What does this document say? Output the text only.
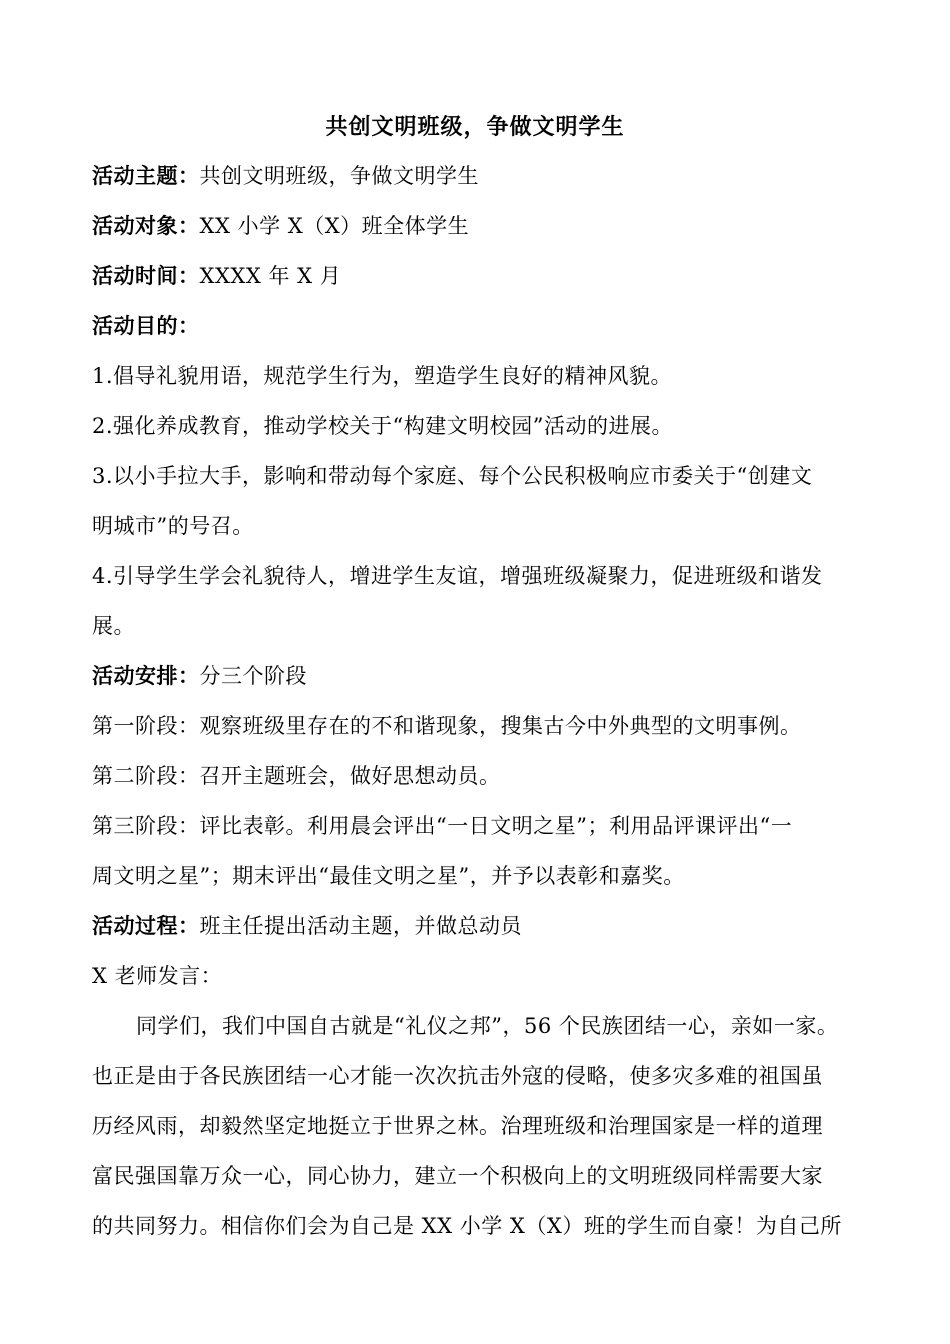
共创文明班级，争做文明学生
活动主题：共创文明班级，争做文明学生
活动对象：XX 小学 X（X）班全体学生
活动时间：XXXX 年 X 月
活动目的：
1.倡导礼貌用语，规范学生行为，塑造学生良好的精神风貌。
2.强化养成教育，推动学校关于“构建文明校园”活动的进展。
3.以小手拉大手，影响和带动每个家庭、每个公民积极响应市委关于“创建文
明城市”的号召。
4.引导学生学会礼貌待人，增进学生友谊，增强班级凝聚力，促进班级和谐发
展。
活动安排：分三个阶段
第一阶段：观察班级里存在的不和谐现象，搜集古今中外典型的文明事例。
第二阶段：召开主题班会，做好思想动员。
第三阶段：评比表彰。利用晨会评出“一日文明之星”；利用品评课评出“一
周文明之星”；期末评出“最佳文明之星”，并予以表彰和嘉奖。
活动过程：班主任提出活动主题，并做总动员
X 老师发言：
同学们，我们中国自古就是“礼仪之邦”，56 个民族团结一心，亲如一家。
也正是由于各民族团结一心才能一次次抗击外寇的侵略，使多灾多难的祖国虽
历经风雨，却毅然坚定地挺立于世界之林。治理班级和治理国家是一样的道理
富民强国靠万众一心，同心协力，建立一个积极向上的文明班级同样需要大家
的共同努力。相信你们会为自己是 XX 小学 X（X）班的学生而自豪！为自己所
